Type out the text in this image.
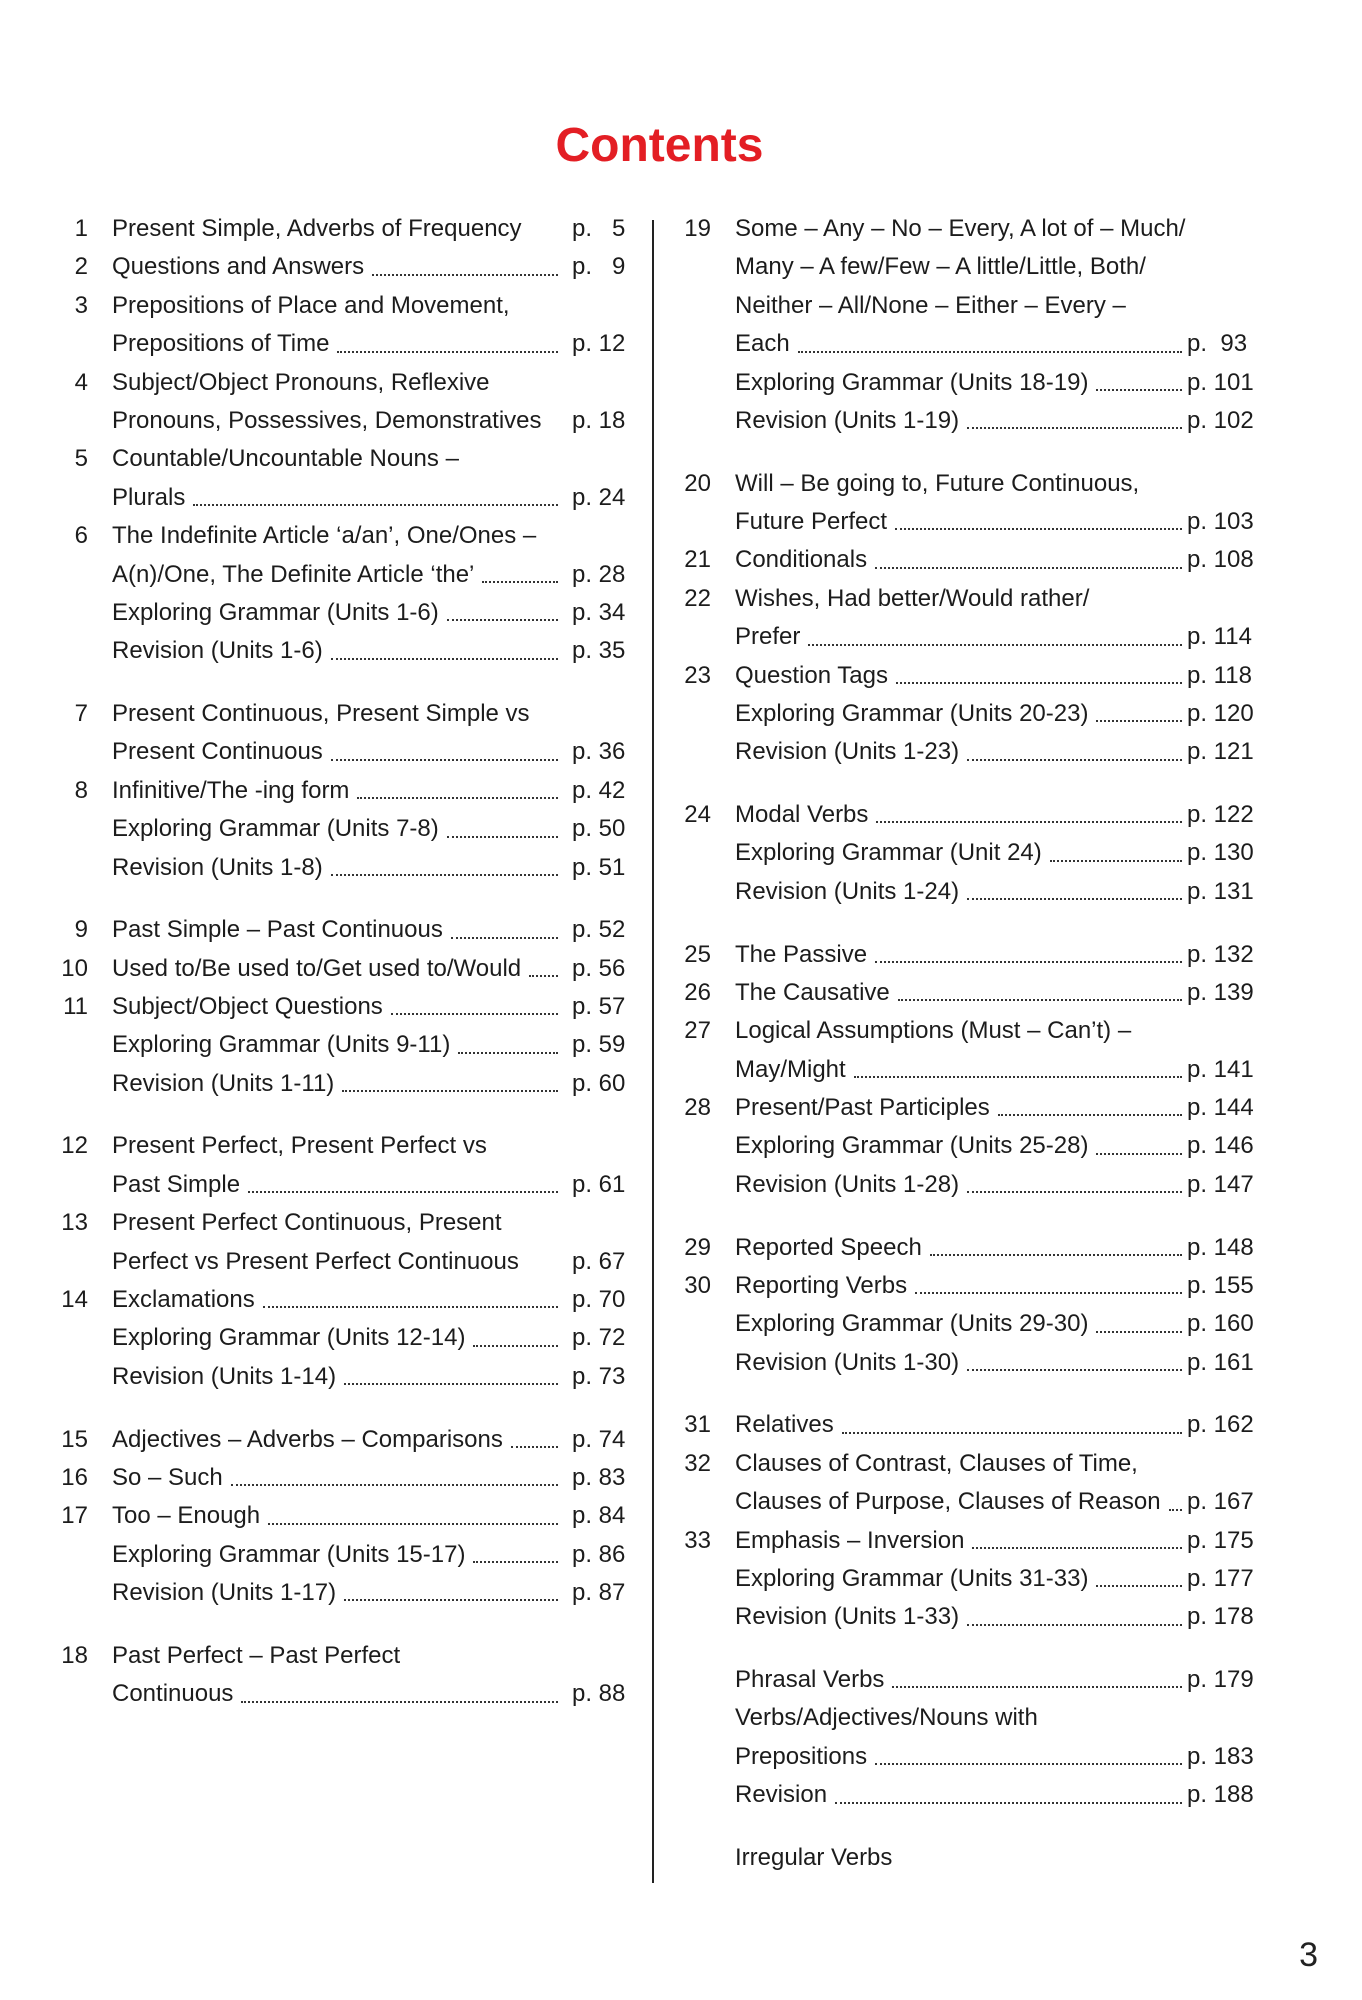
Contents
1 Present Simple, Adverbs of Frequency p.   5
2 Questions and Answers	p.   9
3 Prepositions of Place and Movement,
Prepositions of Time	p. 12
4 Subject/Object Pronouns, Reflexive
Pronouns, Possessives, Demonstratives p. 18
5 Countable/Uncountable Nouns –
Plurals	p. 24
6 The Indefinite Article ‘a/an’, One/Ones –
A(n)/One, The Definite Article ‘the’	p. 28
Exploring Grammar (Units 1-6)	p. 34
Revision (Units 1-6)	p. 35
7 Present Continuous, Present Simple vs
Present Continuous	p. 36
8 Infinitive/The -ing form	p. 42
Exploring Grammar (Units 7-8)	p. 50
Revision (Units 1-8)	p. 51
9 Past Simple – Past Continuous	p. 52
10 Used to/Be used to/Get used to/Would p. 56
11 Subject/Object Questions	p. 57
Exploring Grammar (Units 9-11)	p. 59
Revision (Units 1-11)	p. 60
12 Present Perfect, Present Perfect vs
Past Simple	p. 61
13 Present Perfect Continuous, Present
Perfect vs Present Perfect Continuous p. 67
14 Exclamations	p. 70
Exploring Grammar (Units 12-14)	p. 72
Revision (Units 1-14)	p. 73
15 Adjectives – Adverbs – Comparisons	p. 74
16 So – Such	p. 83
17 Too – Enough	p. 84
Exploring Grammar (Units 15-17)	p. 86
Revision (Units 1-17)	p. 87
18 Past Perfect – Past Perfect
Continuous	p. 88
19 Some – Any – No – Every, A lot of – Much/
Many – A few/Few – A little/Little, Both/
Neither – All/None – Either – Every –
Each	p.  93
Exploring Grammar (Units 18-19)	p. 101
Revision (Units 1-19)	p. 102
20 Will – Be going to, Future Continuous,
Future Perfect	p. 103
21 Conditionals	p. 108
22 Wishes, Had better/Would rather/
Prefer	p. 114
23 Question Tags	p. 118
Exploring Grammar (Units 20-23)	p. 120
Revision (Units 1-23)	p. 121
24 Modal Verbs	p. 122
Exploring Grammar (Unit 24)	p. 130
Revision (Units 1-24)	p. 131
25 The Passive	p. 132
26 The Causative	p. 139
27 Logical Assumptions (Must – Can’t) –
May/Might	p. 141
28 Present/Past Participles	p. 144
Exploring Grammar (Units 25-28)	p. 146
Revision (Units 1-28)	p. 147
29 Reported Speech	p. 148
30 Reporting Verbs	p. 155
Exploring Grammar (Units 29-30)	p. 160
Revision (Units 1-30)	p. 161
31 Relatives	p. 162
32 Clauses of Contrast, Clauses of Time,
Clauses of Purpose, Clauses of Reason p. 167
33 Emphasis – Inversion	p. 175
Exploring Grammar (Units 31-33)	p. 177
Revision (Units 1-33)	p. 178
Phrasal Verbs	p. 179
Verbs/Adjectives/Nouns with
Prepositions	p. 183
Revision	p. 188
Irregular Verbs
3
